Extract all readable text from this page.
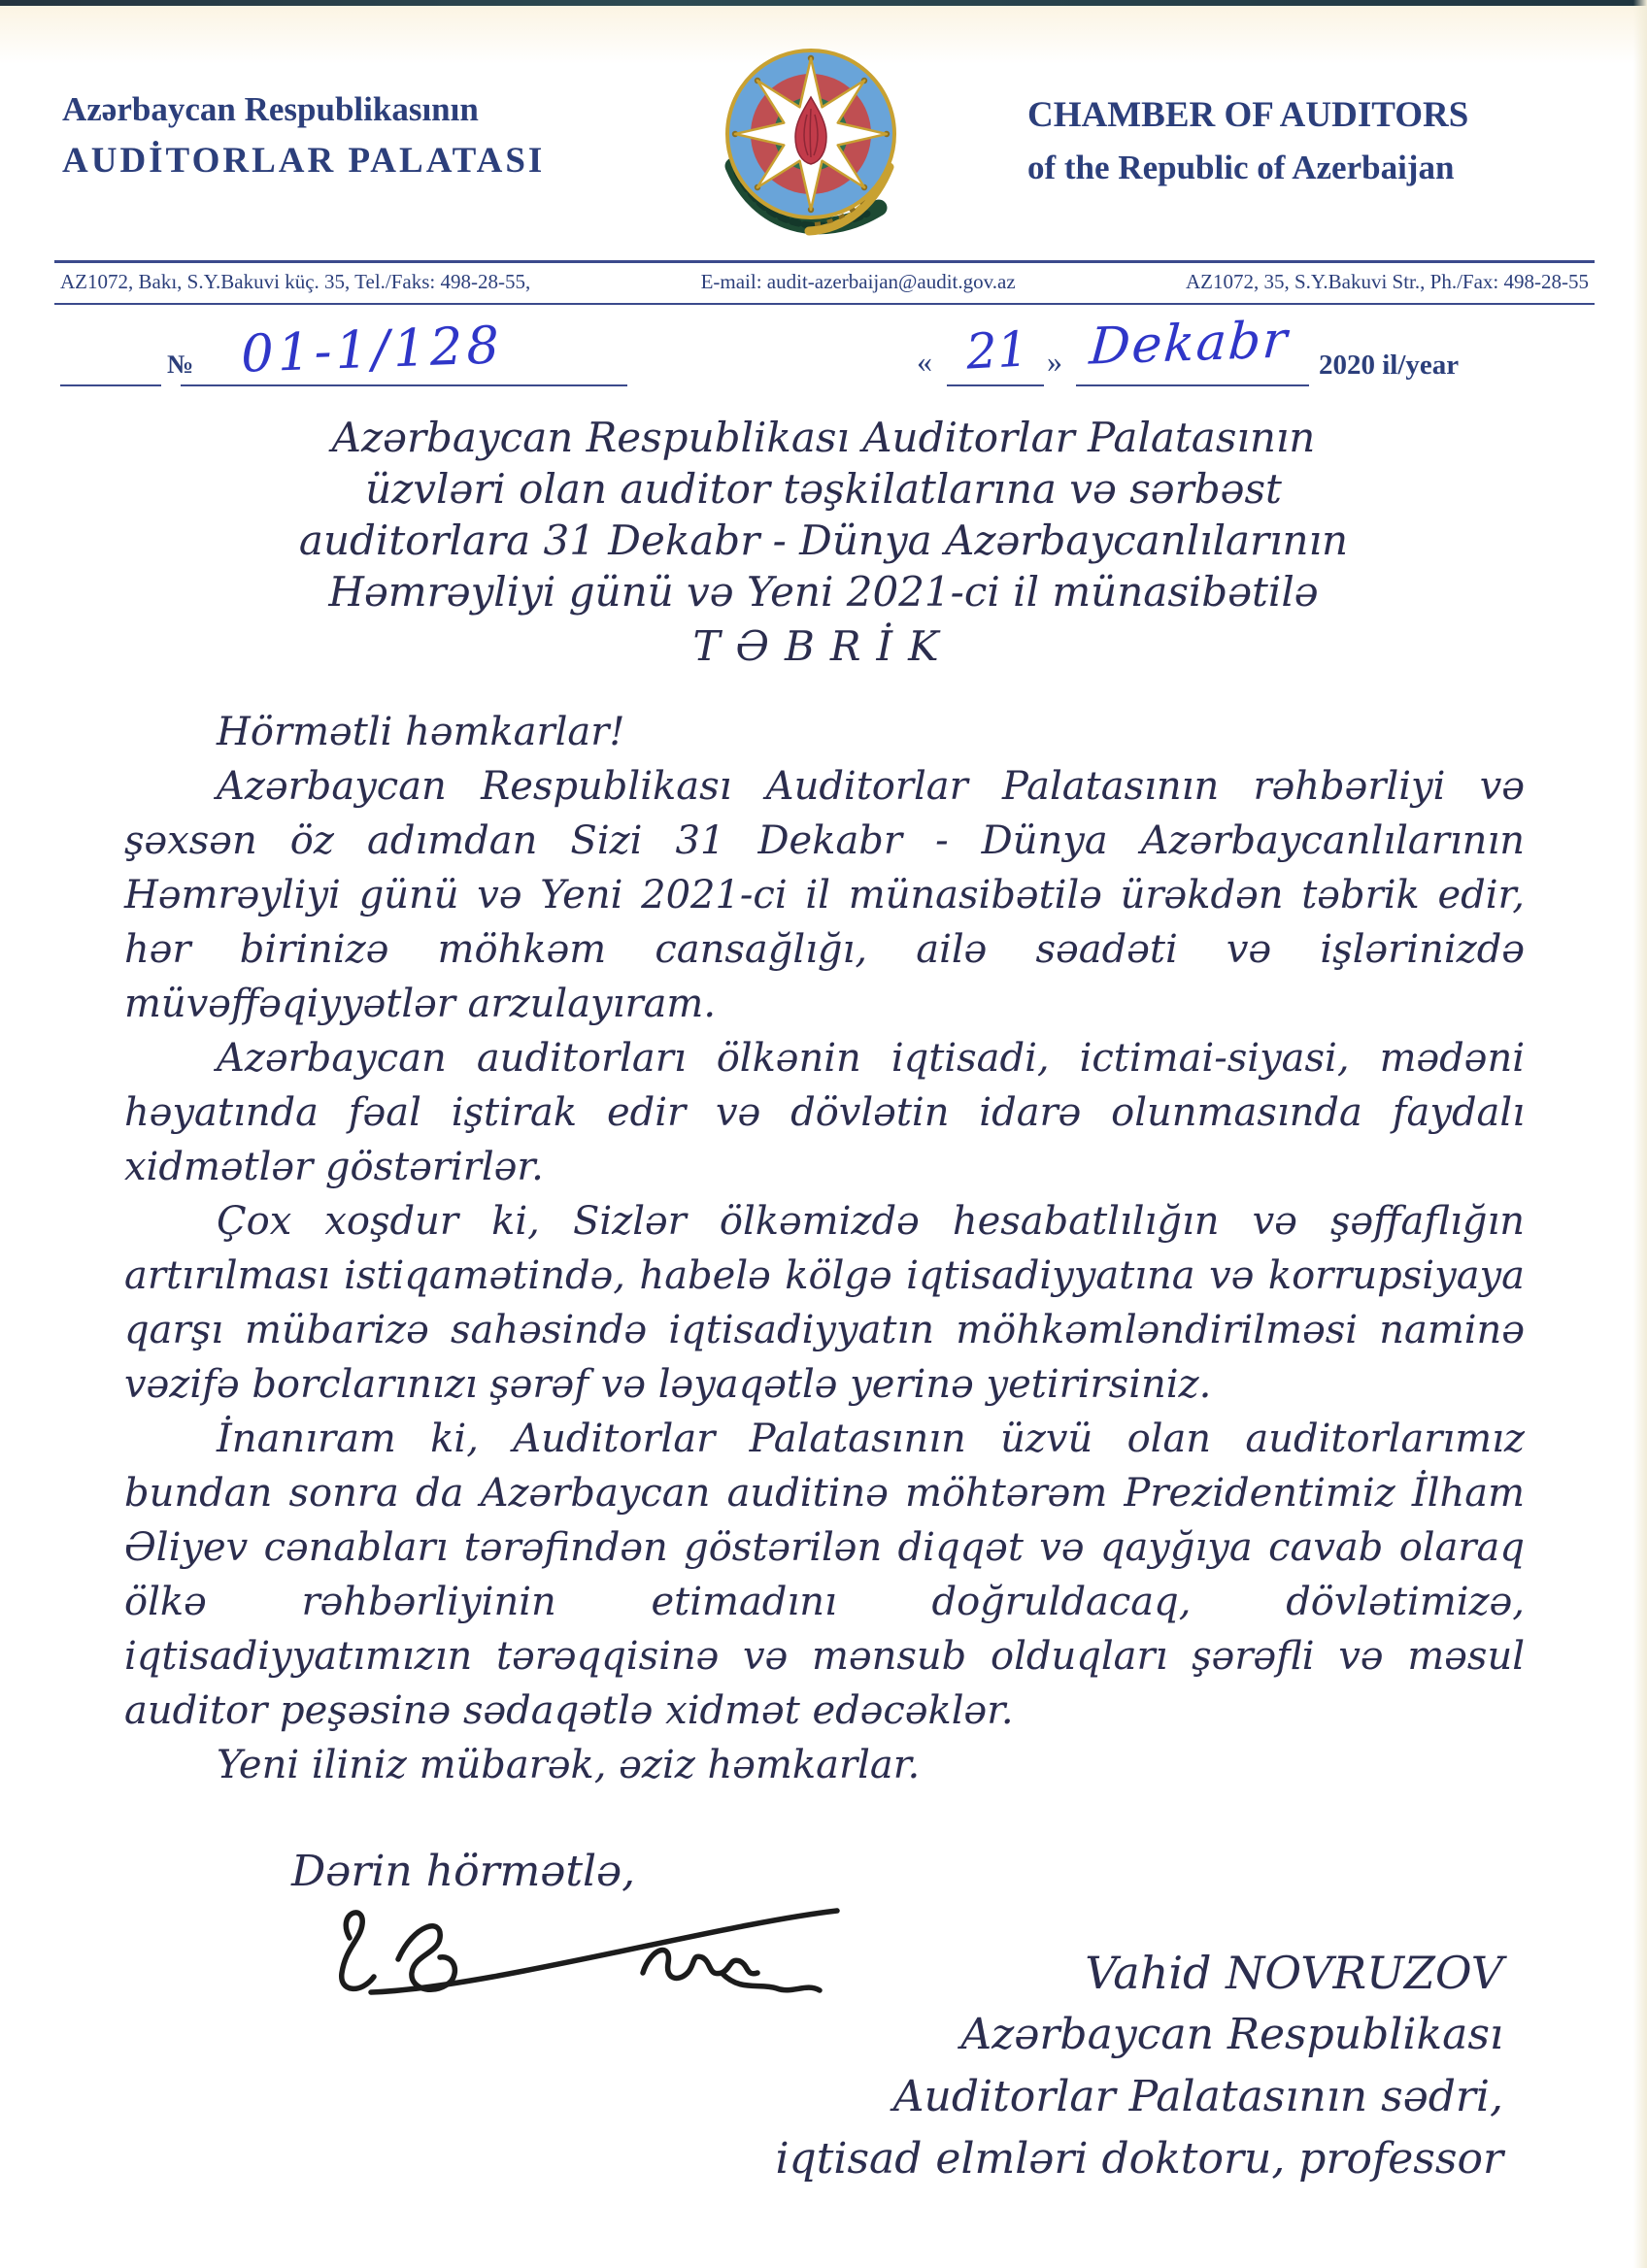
Azərbaycan Respublikasının
AUDİTORLAR PALATASI
CHAMBER OF AUDITORS
of the Republic of Azerbaijan
AZ1072, Bakı, S.Y.Bakuvi küç. 35, Tel./Faks: 498-28-55,	E-mail: audit-azerbaijan@audit.gov.az	AZ1072, 35, S.Y.Bakuvi Str., Ph./Fax: 498-28-55
№ 01-1/128	« 21 » Dekabr 2020 il/year
Azərbaycan Respublikası Auditorlar Palatasının
üzvləri olan auditor təşkilatlarına və sərbəst
auditorlara 31 Dekabr - Dünya Azərbaycanlılarının
Həmrəyliyi günü və Yeni 2021-ci il münasibətilə
TƏBRİK

Hörmətli həmkarlar!

Azərbaycan Respublikası Auditorlar Palatasının rəhbərliyi və şəxsən öz adımdan Sizi 31 Dekabr - Dünya Azərbaycanlılarının Həmrəyliyi günü və Yeni 2021-ci il münasibətilə ürəkdən təbrik edir, hər birinizə möhkəm cansağlığı, ailə səadəti və işlərinizdə müvəffəqiyyətlər arzulayıram.

Azərbaycan auditorları ölkənin iqtisadi, ictimai-siyasi, mədəni həyatında fəal iştirak edir və dövlətin idarə olunmasında faydalı xidmətlər göstərirlər.

Çox xoşdur ki, Sizlər ölkəmizdə hesabatlılığın və şəffaflığın artırılması istiqamətində, habelə kölgə iqtisadiyyatına və korrupsiyaya qarşı mübarizə sahəsində iqtisadiyyatın möhkəmləndirilməsi naminə vəzifə borclarınızı şərəf və ləyaqətlə yerinə yetirirsiniz.

İnanıram ki, Auditorlar Palatasının üzvü olan auditorlarımız bundan sonra da Azərbaycan auditinə möhtərəm Prezidentimiz İlham Əliyev cənabları tərəfindən göstərilən diqqət və qayğıya cavab olaraq ölkə rəhbərliyinin etimadını doğruldacaq, dövlətimizə, iqtisadiyyatımızın tərəqqisinə və mənsub olduqları şərəfli və məsul auditor peşəsinə sədaqətlə xidmət edəcəklər.

Yeni iliniz mübarək, əziz həmkarlar.

Dərin hörmətlə,
Vahid NOVRUZOV
Azərbaycan Respublikası
Auditorlar Palatasının sədri,
iqtisad elmləri doktoru, professor
